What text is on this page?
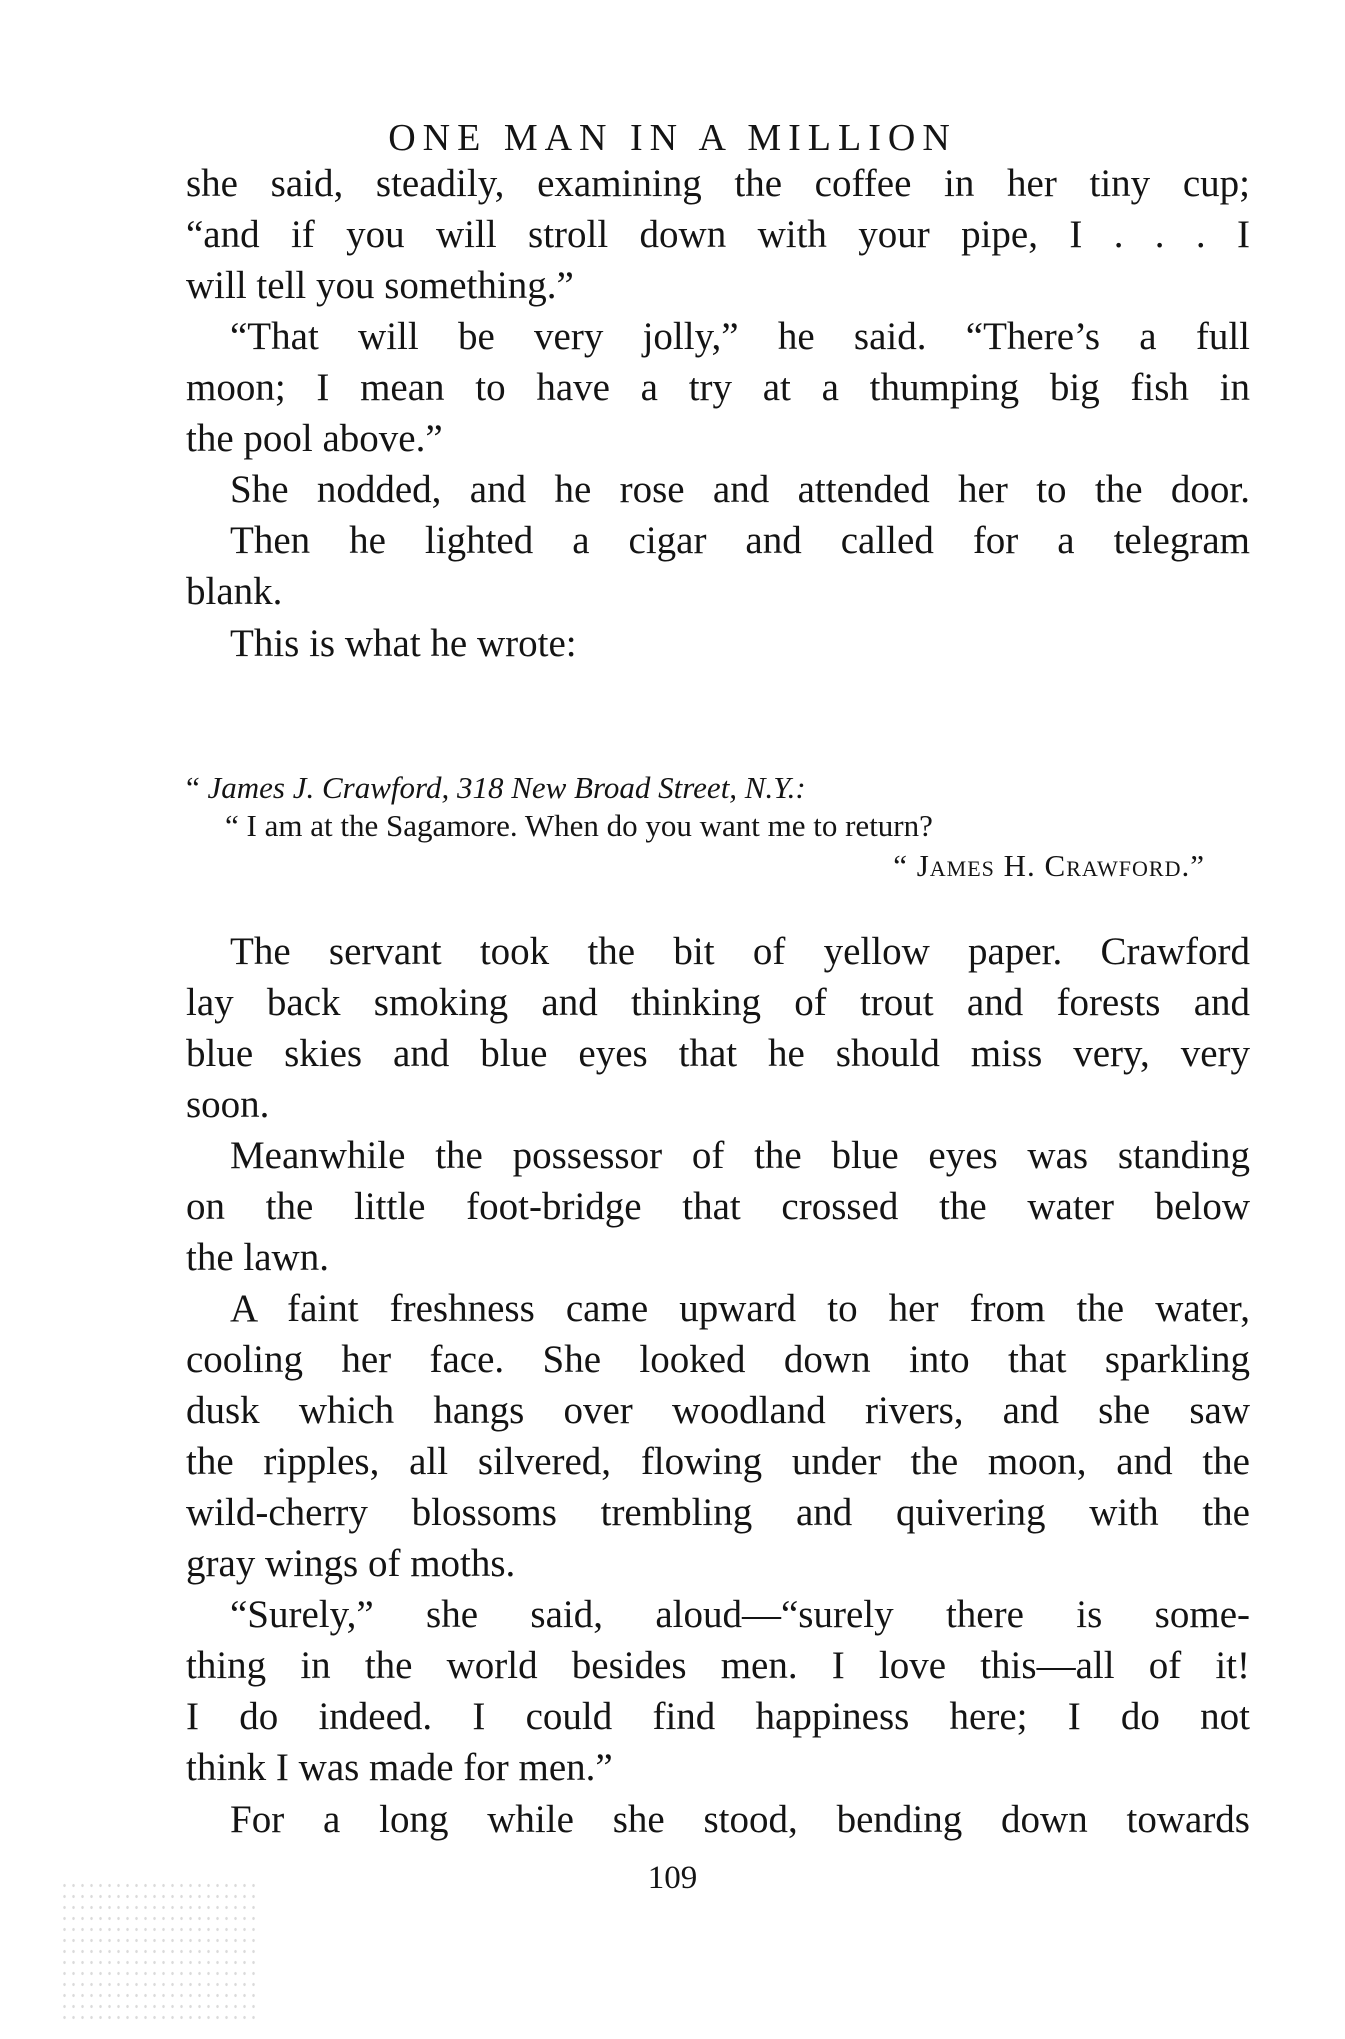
ONE MAN IN A MILLION
she said, steadily, examining the coffee in her tiny cup;
“and if you will stroll down with your pipe, I . . . I
will tell you something.”
“That will be very jolly,” he said. “There’s a full
moon; I mean to have a try at a thumping big fish in
the pool above.”
She nodded, and he rose and attended her to the door.
Then he lighted a cigar and called for a telegram
blank.
This is what he wrote:
“ James J. Crawford, 318 New Broad Street, N.Y.:
“ I am at the Sagamore. When do you want me to return?
“ James H. Crawford.”
The servant took the bit of yellow paper. Crawford
lay back smoking and thinking of trout and forests and
blue skies and blue eyes that he should miss very, very
soon.
Meanwhile the possessor of the blue eyes was standing
on the little foot-bridge that crossed the water below
the lawn.
A faint freshness came upward to her from the water,
cooling her face. She looked down into that sparkling
dusk which hangs over woodland rivers, and she saw
the ripples, all silvered, flowing under the moon, and the
wild-cherry blossoms trembling and quivering with the
gray wings of moths.
“Surely,” she said, aloud—“surely there is some-
thing in the world besides men. I love this—all of it!
I do indeed. I could find happiness here; I do not
think I was made for men.”
For a long while she stood, bending down towards
109
